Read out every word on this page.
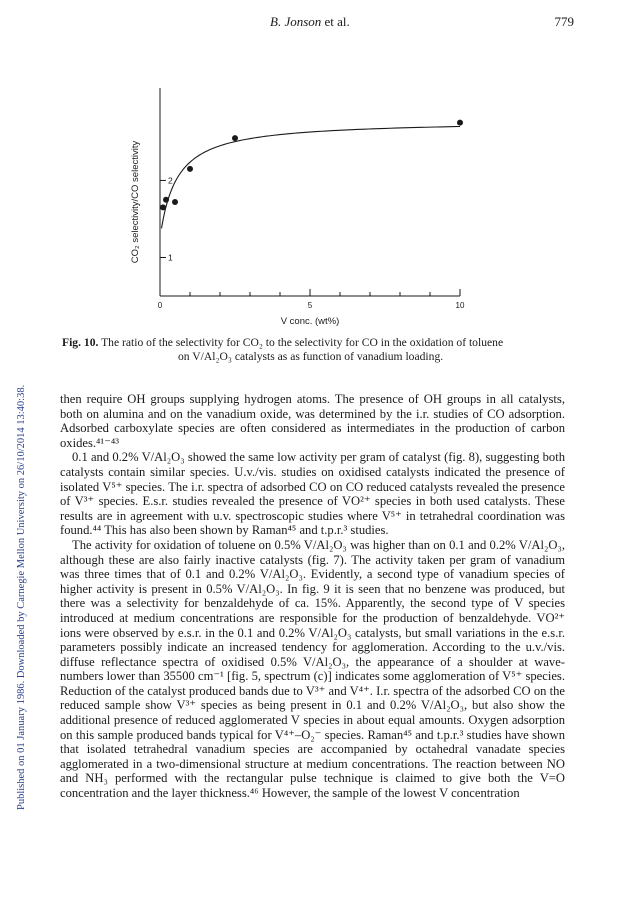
Published on 01 January 1986. Downloaded by Carnegie Mellon University on 26/10/2014 13:40:38.
B. Jonson et al.	779
0	5	10
1
2
CO₂ selectivity/CO selectivity
V conc. (wt%)
Fig. 10. The ratio of the selectivity for CO₂ to the selectivity for CO in the oxidation of toluene
on V/Al₂O₃ catalysts as as function of vanadium loading.

then require OH groups supplying hydrogen atoms. The presence of OH groups in all catalysts, both on alumina and on the vanadium oxide, was determined by the i.r. studies of CO adsorption. Adsorbed carboxylate species are often considered as intermediates in the production of carbon oxides.⁴¹⁻⁴³

0.1 and 0.2% V/Al₂O₃ showed the same low activity per gram of catalyst (fig. 8), suggesting both catalysts contain similar species. U.v./vis. studies on oxidised catalysts indicated the presence of isolated V⁵⁺ species. The i.r. spectra of adsorbed CO on CO reduced catalysts revealed the presence of V³⁺ species. E.s.r. studies revealed the presence of VO²⁺ species in both used catalysts. These results are in agreement with u.v. spectroscopic studies where V⁵⁺ in tetrahedral coordination was found.⁴⁴ This has also been shown by Raman⁴⁵ and t.p.r.³ studies.

The activity for oxidation of toluene on 0.5% V/Al₂O₃ was higher than on 0.1 and 0.2% V/Al₂O₃, although these are also fairly inactive catalysts (fig. 7). The activity taken per gram of vanadium was three times that of 0.1 and 0.2% V/Al₂O₃. Evidently, a second type of vanadium species of higher activity is present in 0.5% V/Al₂O₃. In fig. 9 it is seen that no benzene was produced, but there was a selectivity for benzaldehyde of ca. 15%. Apparently, the second type of V species introduced at medium concentrations are responsible for the production of benzaldehyde. VO²⁺ ions were observed by e.s.r. in the 0.1 and 0.2% V/Al₂O₃ catalysts, but small variations in the e.s.r. parameters possibly indicate an increased tendency for agglomeration. According to the u.v./vis. diffuse reflectance spectra of oxidised 0.5% V/Al₂O₃, the appearance of a shoulder at wave-numbers lower than 35500 cm⁻¹ [fig. 5, spectrum (c)] indicates some agglomeration of V⁵⁺ species. Reduction of the catalyst produced bands due to V³⁺ and V⁴⁺. I.r. spectra of the adsorbed CO on the reduced sample show V³⁺ species as being present in 0.1 and 0.2% V/Al₂O₃, but also show the additional presence of reduced agglomerated V species in about equal amounts. Oxygen adsorption on this sample produced bands typical for V⁴⁺–O₂⁻ species. Raman⁴⁵ and t.p.r.³ studies have shown that isolated tetrahedral vanadium species are accompanied by octahedral vanadate species agglomerated in a two-dimensional structure at medium concentrations. The reaction between NO and NH₃ performed with the rectangular pulse technique is claimed to give both the V=O concentration and the layer thickness.⁴⁶ However, the sample of the lowest V concentration
